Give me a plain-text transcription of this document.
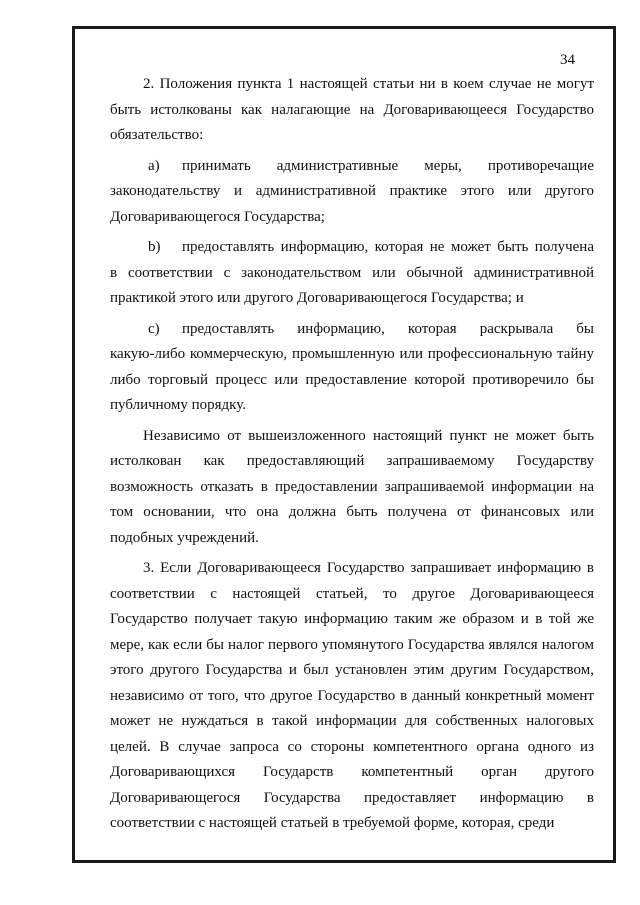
34

2. Положения пункта 1 настоящей статьи ни в коем случае не могут быть истолкованы как налагающие на Договаривающееся Государство обязательство:

a)	принимать административные меры, противоречащие

законодательству и административной практике этого или другого Договаривающегося Государства;

b)	предоставлять информацию, которая не может быть получена

в соответствии с законодательством или обычной административной практикой этого или другого Договаривающегося Государства; и

c)	предоставлять информацию, которая раскрывала бы

какую-либо коммерческую, промышленную или профессиональную тайну либо торговый процесс или предоставление которой противоречило бы публичному порядку.

Независимо от вышеизложенного настоящий пункт не может быть истолкован как предоставляющий запрашиваемому Государству возможность отказать в предоставлении запрашиваемой информации на том основании, что она должна быть получена от финансовых или подобных учреждений.

3. Если Договаривающееся Государство запрашивает информацию в соответствии с настоящей статьей, то другое Договаривающееся Государство получает такую информацию таким же образом и в той же мере, как если бы налог первого упомянутого Государства являлся налогом этого другого Государства и был установлен этим другим Государством, независимо от того, что другое Государство в данный конкретный момент может не нуждаться в такой информации для собственных налоговых целей. В случае запроса со стороны компетентного органа одного из Договаривающихся Государств компетентный орган другого Договаривающегося Государства предоставляет информацию в соответствии с настоящей статьей в требуемой форме, которая, среди
